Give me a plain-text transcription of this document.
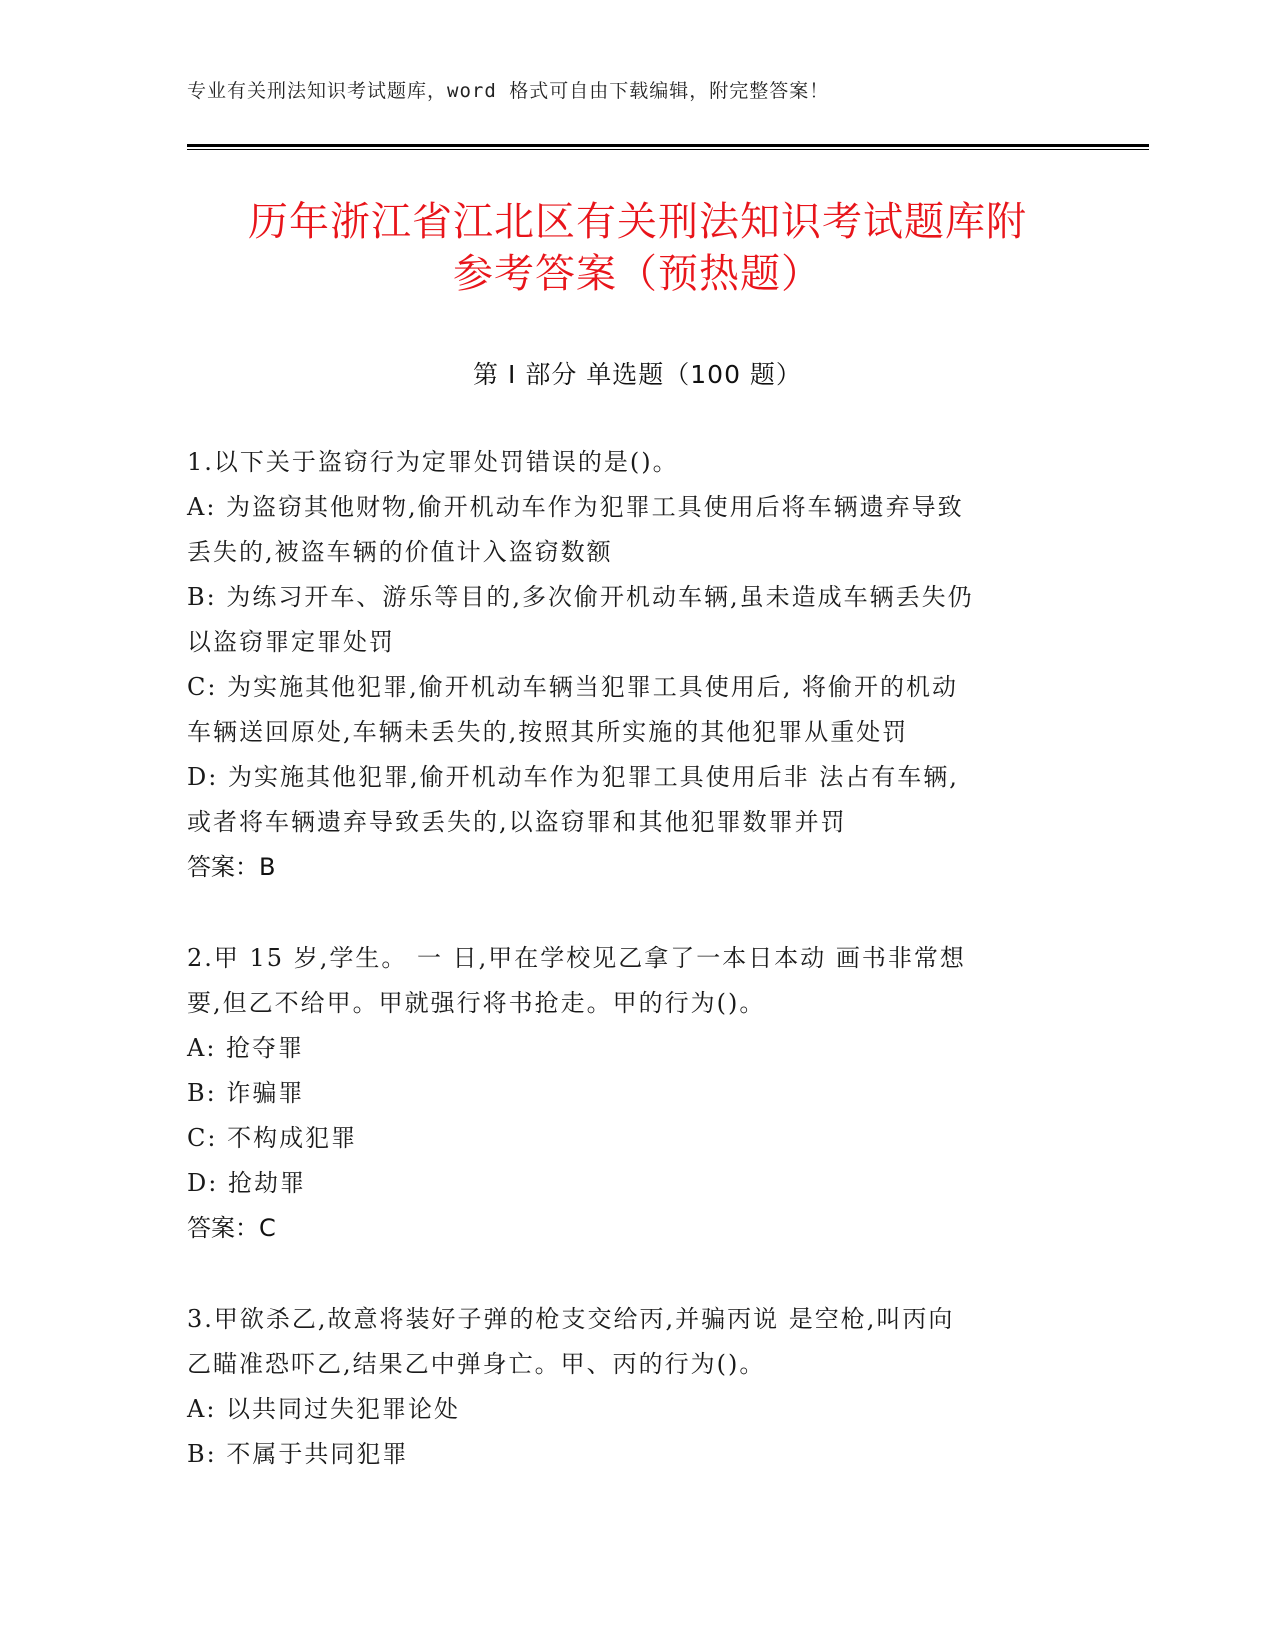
专业有关刑法知识考试题库，word 格式可自由下载编辑，附完整答案！
历年浙江省江北区有关刑法知识考试题库附
参考答案（预热题）
第 I 部分 单选题（100 题）
1.以下关于盗窃行为定罪处罚错误的是()。
A: 为盗窃其他财物,偷开机动车作为犯罪工具使用后将车辆遗弃导致
丢失的,被盗车辆的价值计入盗窃数额
B: 为练习开车、游乐等目的,多次偷开机动车辆,虽未造成车辆丢失仍
以盗窃罪定罪处罚
C: 为实施其他犯罪,偷开机动车辆当犯罪工具使用后, 将偷开的机动
车辆送回原处,车辆未丢失的,按照其所实施的其他犯罪从重处罚
D: 为实施其他犯罪,偷开机动车作为犯罪工具使用后非 法占有车辆,
或者将车辆遗弃导致丢失的,以盗窃罪和其他犯罪数罪并罚
答案：B
2.甲 15 岁,学生。 一 日,甲在学校见乙拿了一本日本动 画书非常想
要,但乙不给甲。甲就强行将书抢走。甲的行为()。
A: 抢夺罪
B: 诈骗罪
C: 不构成犯罪
D: 抢劫罪
答案：C
3.甲欲杀乙,故意将装好子弹的枪支交给丙,并骗丙说 是空枪,叫丙向
乙瞄准恐吓乙,结果乙中弹身亡。甲、丙的行为()。
A: 以共同过失犯罪论处
B: 不属于共同犯罪
